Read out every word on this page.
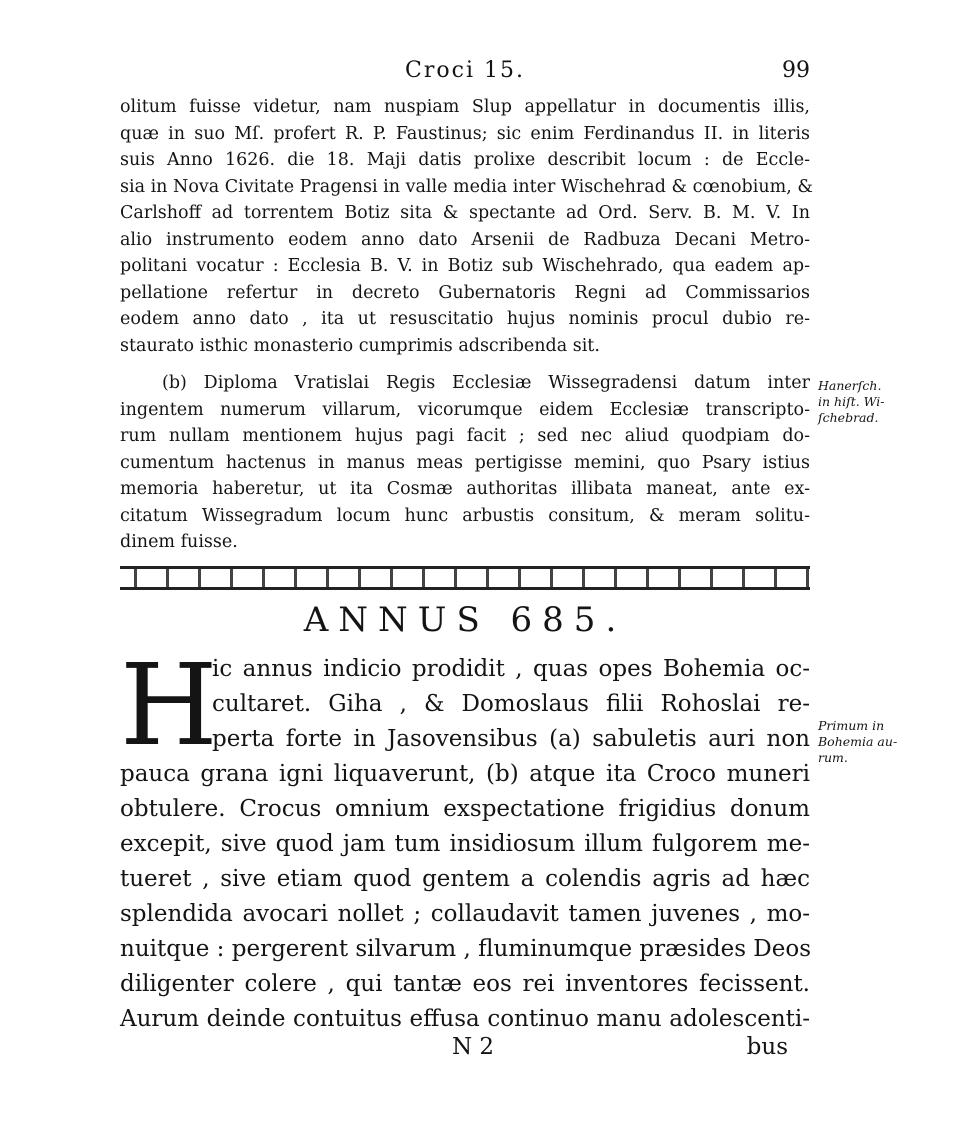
Croci 15.	99
olitum fuisse videtur, nam nuspiam Slup appellatur in documentis illis,
quæ in suo Mſ. profert R. P. Faustinus; sic enim Ferdinandus II. in literis
suis Anno 1626. die 18. Maji datis prolixe describit locum : de Eccle-
sia in Nova Civitate Pragensi in valle media inter Wischehrad & cœnobium, &
Carlshoff ad torrentem Botiz sita & spectante ad Ord. Serv. B. M. V. In
alio instrumento eodem anno dato Arsenii de Radbuza Decani Metro-
politani vocatur : Ecclesia B. V. in Botiz sub Wischehrado, qua eadem ap-
pellatione refertur in decreto Gubernatoris Regni ad Commissarios
eodem anno dato , ita ut resuscitatio hujus nominis procul dubio re-
staurato isthic monasterio cumprimis adscribenda sit.
(b) Diploma Vratislai Regis Ecclesiæ Wissegradensi datum inter
ingentem numerum villarum, vicorumque eidem Ecclesiæ transcripto-
rum nullam mentionem hujus pagi facit ; sed nec aliud quodpiam do-
cumentum hactenus in manus meas pertigisse memini, quo Psary istius
memoria haberetur, ut ita Cosmæ authoritas illibata maneat, ante ex-
citatum Wissegradum locum hunc arbustis consitum, & meram solitu-
dinem fuisse.
Hanerſch.
in hiſt. Wi-
ſchebrad.
ANNUS 685.
H
ic annus indicio prodidit , quas opes Bohemia oc-
cultaret. Giha , & Domoslaus filii Rohoslai re-
perta forte in Jasovensibus (a) sabuletis auri non
pauca grana igni liquaverunt, (b) atque ita Croco muneri
obtulere. Crocus omnium exspectatione frigidius donum
excepit, sive quod jam tum insidiosum illum fulgorem me-
tueret , sive etiam quod gentem a colendis agris ad hæc
splendida avocari nollet ; collaudavit tamen juvenes , mo-
nuitque : pergerent silvarum , fluminumque præsides Deos
diligenter colere , qui tantæ eos rei inventores fecissent.
Aurum deinde contuitus effusa continuo manu adolescenti-
Primum in
Bohemia au-
rum.
N 2	bus
